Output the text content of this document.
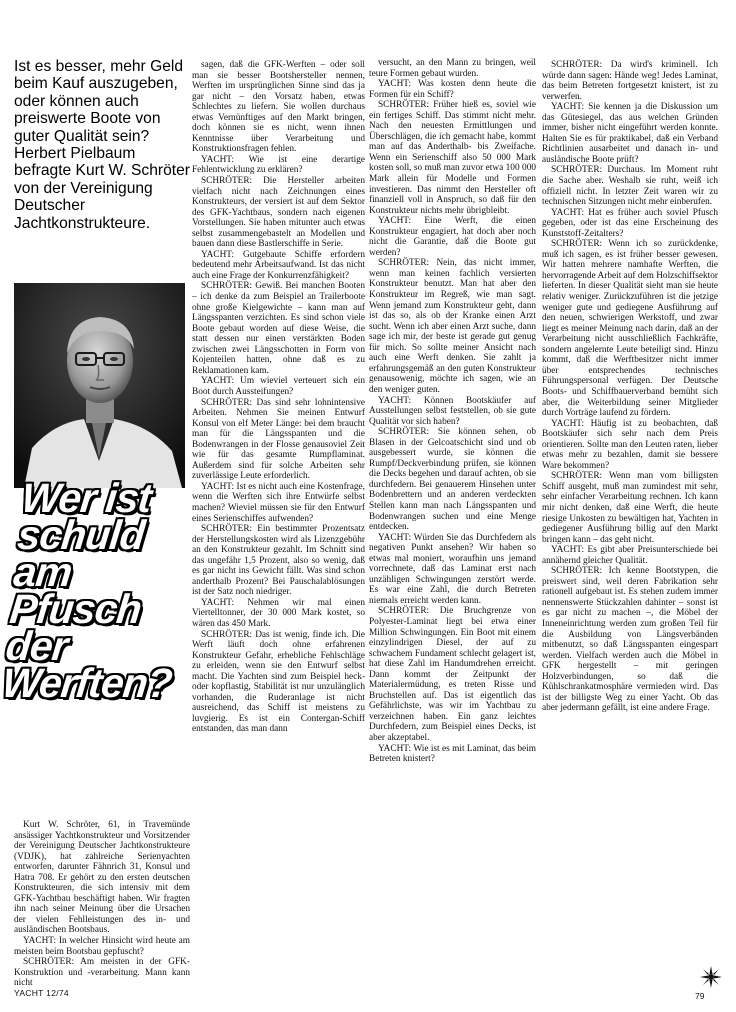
Ist es besser, mehr Geld beim Kauf auszugeben, oder können auch preiswerte Boote von guter Qualität sein? Herbert Pielbaum befragte Kurt W. Schröter von der Vereinigung Deutscher Jachtkonstrukteure.
Wer ist schuld am Pfusch der Werften?

Kurt W. Schröter, 61, in Travemünde ansässiger Yachtkonstrukteur und Vorsitzender der Vereinigung Deutscher Jachtkonstrukteure (VDJK), hat zahlreiche Serienyachten entworfen, darunter Fähnrich 31, Konsul und Hatra 708. Er gehört zu den ersten deutschen Konstrukteuren, die sich intensiv mit dem GFK-Yachtbau beschäftigt haben. Wir fragten ihn nach seiner Meinung über die Ursachen der vielen Fehlleistungen des in- und ausländischen Bootsbaus.

YACHT: In welcher Hinsicht wird heute am meisten beim Bootsbau gepfuscht?

SCHRÖTER: Am meisten in der GFK-Konstruktion und -verarbeitung. Mann kann nicht

sagen, daß die GFK-Werften – oder soll man sie besser Bootshersteller nennen, Werften im ursprünglichen Sinne sind das ja gar nicht – den Vorsatz haben, etwas Schlechtes zu liefern. Sie wollen durchaus etwas Vernünftiges auf den Markt bringen, doch können sie es nicht, wenn ihnen Kenntnisse über Verarbeitung und Konstruktionsfragen fehlen.

YACHT: Wie ist eine derartige Fehlentwicklung zu erklären?

SCHRÖTER: Die Hersteller arbeiten vielfach nicht nach Zeichnungen eines Konstrukteurs, der versiert ist auf dem Sektor des GFK-Yachtbaus, sondern nach eigenen Vorstellungen. Sie haben mitunter auch etwas selbst zusammengebastelt an Modellen und bauen dann diese Bastlerschiffe in Serie.

YACHT: Gutgebaute Schiffe erfordern bedeutend mehr Arbeitsaufwand. Ist das nicht auch eine Frage der Konkurrenzfähigkeit?

SCHRÖTER: Gewiß. Bei manchen Booten – ich denke da zum Beispiel an Trailerboote ohne große Kielgewichte – kann man auf Längsspanten verzichten. Es sind schon viele Boote gebaut worden auf diese Weise, die statt dessen nur einen verstärkten Boden zwischen zwei Längsschotten in Form von Kojenteilen hatten, ohne daß es zu Reklamationen kam.

YACHT: Um wieviel verteuert sich ein Boot durch Aussteifungen?

SCHRÖTER: Das sind sehr lohnintensive Arbeiten. Nehmen Sie meinen Entwurf Konsul von elf Meter Länge: bei dem braucht man für die Längsspanten und die Bodenwrangen in der Flosse genausoviel Zeit wie für das gesamte Rumpflaminat. Außerdem sind für solche Arbeiten sehr zuverlässige Leute erforderlich.

YACHT: Ist es nicht auch eine Kostenfrage, wenn die Werften sich ihre Entwürfe selbst machen? Wieviel müssen sie für den Entwurf eines Serienschiffes aufwenden?

SCHRÖTER: Ein bestimmter Prozentsatz der Herstellungskosten wird als Lizenzgebühr an den Konstrukteur gezahlt. Im Schnitt sind das ungefähr 1,5 Prozent, also so wenig, daß es gar nicht ins Gewicht fällt. Was sind schon anderthalb Prozent? Bei Pauschalablösungen ist der Satz noch niedriger.

YACHT: Nehmen wir mal einen Viertelltonner, der 30 000 Mark kostet, so wären das 450 Mark.

SCHRÖTER: Das ist wenig, finde ich. Die Werft läuft doch ohne erfahrenen Konstrukteur Gefahr, erhebliche Fehlschläge zu erleiden, wenn sie den Entwurf selbst macht. Die Yachten sind zum Beispiel heck- oder kopflastig, Stabilität ist nur unzulänglich vorhanden, die Ruderanlage ist nicht ausreichend, das Schiff ist meistens zu luvgierig. Es ist ein Contergan-Schiff entstanden, das man dann

versucht, an den Mann zu bringen, weil teure Formen gebaut wurden.

YACHT: Was kosten denn heute die Formen für ein Schiff?

SCHRÖTER: Früher hieß es, soviel wie ein fertiges Schiff. Das stimmt nicht mehr. Nach den neuesten Ermittlungen und Überschlägen, die ich gemacht habe, kommt man auf das Anderthalb- bis Zweifache. Wenn ein Serienschiff also 50 000 Mark kosten soll, so muß man zuvor etwa 100 000 Mark allein für Modelle und Formen investieren. Das nimmt den Hersteller oft finanziell voll in Anspruch, so daß für den Konstrukteur nichts mehr übrigbleibt.

YACHT: Eine Werft, die einen Konstrukteur engagiert, hat doch aber noch nicht die Garantie, daß die Boote gut werden?

SCHRÖTER: Nein, das nicht immer, wenn man keinen fachlich versierten Konstrukteur benutzt. Man hat aber den Konstrukteur im Regreß, wie man sagt. Wenn jemand zum Konstrukteur geht, dann ist das so, als ob der Kranke einen Arzt sucht. Wenn ich aber einen Arzt suche, dann sage ich mir, der beste ist gerade gut genug für mich. So sollte meiner Ansicht nach auch eine Werft denken. Sie zahlt ja erfahrungsgemäß an den guten Konstrukteur genausowenig, möchte ich sagen, wie an den weniger guten.

YACHT: Können Bootskäufer auf Ausstellungen selbst feststellen, ob sie gute Qualität vor sich haben?

SCHRÖTER: Sie können sehen, ob Blasen in der Gelcoatschicht sind und ob ausgebessert wurde, sie können die Rumpf/Deckverbindung prüfen, sie können die Decks begehen und darauf achten, ob sie durchfedern. Bei genauerem Hinsehen unter Bodenbrettern und an anderen verdeckten Stellen kann man nach Längsspanten und Bodenwrangen suchen und eine Menge entdecken.

YACHT: Würden Sie das Durchfedern als negativen Punkt ansehen? Wir haben so etwas mal moniert, woraufhin uns jemand vorrechnete, daß das Laminat erst nach unzähligen Schwingungen zerstört werde. Es war eine Zahl, die durch Betreten niemals erreicht werden kann.

SCHRÖTER: Die Bruchgrenze von Polyester-Laminat liegt bei etwa einer Million Schwingungen. Ein Boot mit einem einzylindrigen Diesel, der auf zu schwachem Fundament schlecht gelagert ist, hat diese Zahl im Handumdrehen erreicht. Dann kommt der Zeitpunkt der Materialermüdung, es treten Risse und Bruchstellen auf. Das ist eigentlich das Gefährlichste, was wir im Yachtbau zu verzeichnen haben. Ein ganz leichtes Durchfedern, zum Beispiel eines Decks, ist aber akzeptabel.

YACHT: Wie ist es mit Laminat, das beim Betreten knistert?

SCHRÖTER: Da wird's kriminell. Ich würde dann sagen: Hände weg! Jedes Laminat, das beim Betreten fortgesetzt knistert, ist zu verwerfen.

YACHT: Sie kennen ja die Diskussion um das Gütesiegel, das aus welchen Gründen immer, bisher nicht eingeführt werden konnte. Halten Sie es für praktikabel, daß ein Verband Richtlinien ausarbeitet und danach in- und ausländische Boote prüft?

SCHRÖTER: Durchaus. Im Moment ruht die Sache aber. Weshalb sie ruht, weiß ich offiziell nicht. In letzter Zeit waren wir zu technischen Sitzungen nicht mehr einberufen.

YACHT: Hat es früher auch soviel Pfusch gegeben, oder ist das eine Erscheinung des Kunststoff-Zeitalters?

SCHRÖTER: Wenn ich so zurückdenke, muß ich sagen, es ist früher besser gewesen. Wir hatten mehrere namhafte Werften, die hervorragende Arbeit auf dem Holzschiffsektor lieferten. In dieser Qualität sieht man sie heute relativ weniger. Zurückzuführen ist die jetzige weniger gute und gediegene Ausführung auf den neuen, schwierigen Werkstoff, und zwar liegt es meiner Meinung nach darin, daß an der Verarbeitung nicht ausschließlich Fachkräfte, sondern angelernte Leute beteiligt sind. Hinzu kommt, daß die Werftbesitzer nicht immer über entsprechendes technisches Führungspersonal verfügen. Der Deutsche Boots- und Schiffbauerverband bemüht sich aber, die Weiterbildung seiner Mitglieder durch Vorträge laufend zu fördern.

YACHT: Häufig ist zu beobachten, daß Bootskäufer sich sehr nach dem Preis orientieren. Sollte man den Leuten raten, lieber etwas mehr zu bezahlen, damit sie bessere Ware bekommen?

SCHRÖTER: Wenn man vom billigsten Schiff ausgeht, muß man zumindest mit sehr, sehr einfacher Verarbeitung rechnen. Ich kann mir nicht denken, daß eine Werft, die heute riesige Unkosten zu bewältigen hat, Yachten in gediegener Ausführung billig auf den Markt bringen kann – das geht nicht.

YACHT: Es gibt aber Preisunterschiede bei annähernd gleicher Qualität.

SCHRÖTER: Ich kenne Bootstypen, die preiswert sind, weil deren Fabrikation sehr rationell aufgebaut ist. Es stehen zudem immer nennenswerte Stückzahlen dahinter – sonst ist es gar nicht zu machen –, die Möbel der Inneneinrichtung werden zum großen Teil für die Ausbildung von Längsverbänden mitbenutzt, so daß Längsspanten eingespart werden. Vielfach werden auch die Möbel in GFK hergestellt – mit geringen Holzverbindungen, so daß die Kühlschrankatmosphäre vermieden wird. Das ist der billigste Weg zu einer Yacht. Ob das aber jedermann gefällt, ist eine andere Frage.

YACHT 12/74	79
